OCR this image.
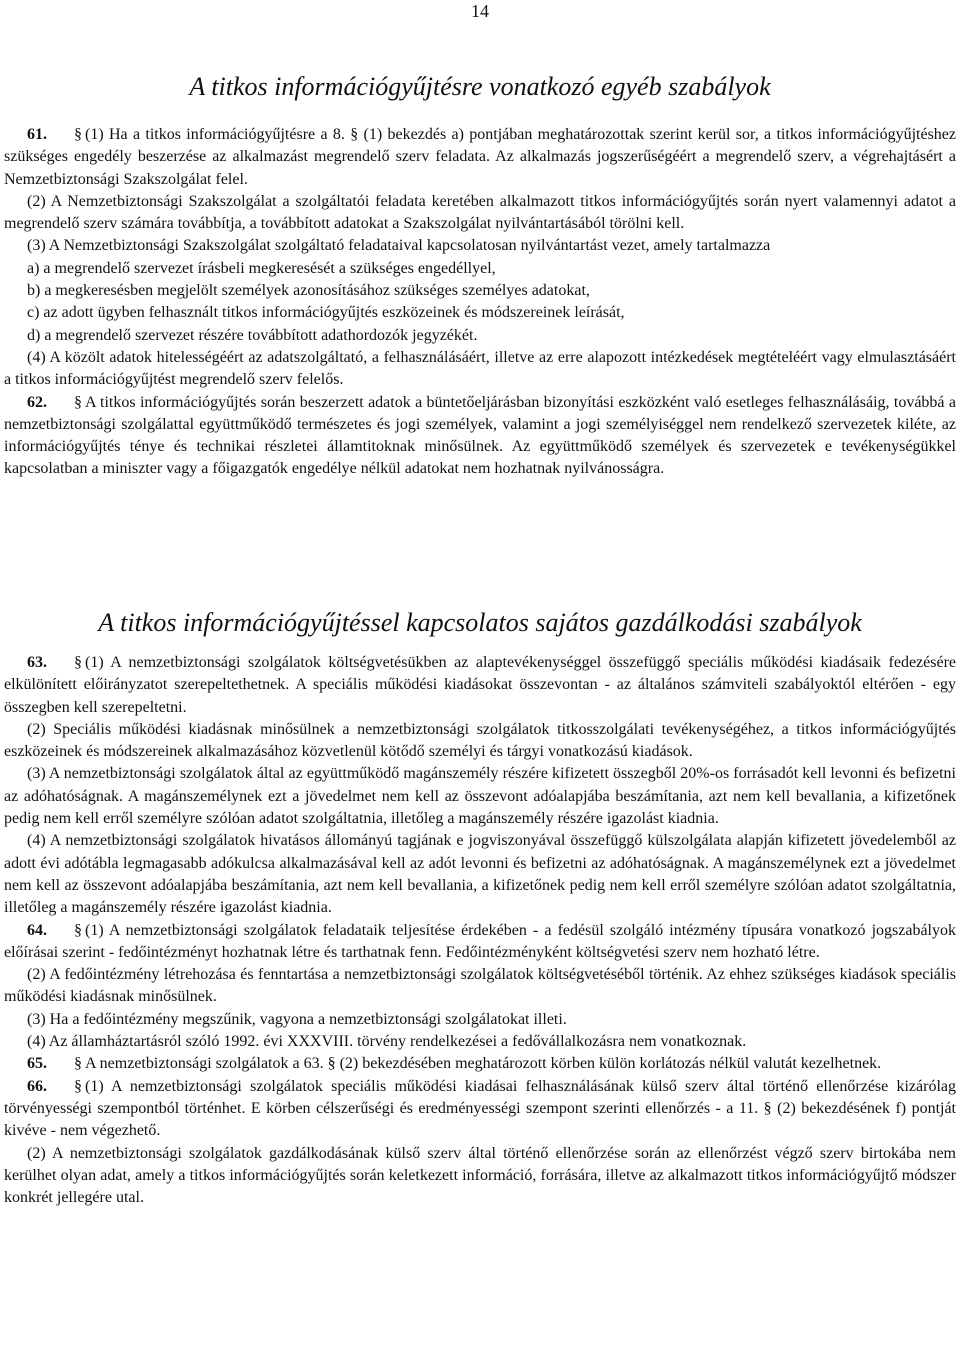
14
A titkos információgyűjtésre vonatkozó egyéb szabályok

61. § (1) Ha a titkos információgyűjtésre a 8. § (1) bekezdés a) pontjában meghatározottak szerint kerül sor, a titkos információgyűjtéshez szükséges engedély beszerzése az alkalmazást megrendelő szerv feladata. Az alkalmazás jogszerűségéért a megrendelő szerv, a végrehajtásért a Nemzetbiztonsági Szakszolgálat felel.

(2) A Nemzetbiztonsági Szakszolgálat a szolgáltatói feladata keretében alkalmazott titkos információgyűjtés során nyert valamennyi adatot a megrendelő szerv számára továbbítja, a továbbított adatokat a Szakszolgálat nyilvántartásából törölni kell.

(3) A Nemzetbiztonsági Szakszolgálat szolgáltató feladataival kapcsolatosan nyilvántartást vezet, amely tartalmazza

a) a megrendelő szervezet írásbeli megkeresését a szükséges engedéllyel,

b) a megkeresésben megjelölt személyek azonosításához szükséges személyes adatokat,

c) az adott ügyben felhasznált titkos információgyűjtés eszközeinek és módszereinek leírását,

d) a megrendelő szervezet részére továbbított adathordozók jegyzékét.

(4) A közölt adatok hitelességéért az adatszolgáltató, a felhasználásáért, illetve az erre alapozott intézkedések megtételéért vagy elmulasztásáért a titkos információgyűjtést megrendelő szerv felelős.

62. § A titkos információgyűjtés során beszerzett adatok a büntetőeljárásban bizonyítási eszközként való esetleges felhasználásáig, továbbá a nemzetbiztonsági szolgálattal együttműködő természetes és jogi személyek, valamint a jogi személyiséggel nem rendelkező szervezetek kiléte, az információgyűjtés ténye és technikai részletei államtitoknak minősülnek. Az együttműködő személyek és szervezetek e tevékenységükkel kapcsolatban a miniszter vagy a főigazgatók engedélye nélkül adatokat nem hozhatnak nyilvánosságra.

A titkos információgyűjtéssel kapcsolatos sajátos gazdálkodási szabályok

63. § (1) A nemzetbiztonsági szolgálatok költségvetésükben az alaptevékenységgel összefüggő speciális működési kiadásaik fedezésére elkülönített előirányzatot szerepeltethetnek. A speciális működési kiadásokat összevontan - az általános számviteli szabályoktól eltérően - egy összegben kell szerepeltetni.

(2) Speciális működési kiadásnak minősülnek a nemzetbiztonsági szolgálatok titkosszolgálati tevékenységéhez, a titkos információgyűjtés eszközeinek és módszereinek alkalmazásához közvetlenül kötődő személyi és tárgyi vonatkozású kiadások.

(3) A nemzetbiztonsági szolgálatok által az együttműködő magánszemély részére kifizetett összegből 20%-os forrásadót kell levonni és befizetni az adóhatóságnak. A magánszemélynek ezt a jövedelmet nem kell az összevont adóalapjába beszámítania, azt nem kell bevallania, a kifizetőnek pedig nem kell erről személyre szólóan adatot szolgáltatnia, illetőleg a magánszemély részére igazolást kiadnia.

(4) A nemzetbiztonsági szolgálatok hivatásos állományú tagjának e jogviszonyával összefüggő külszolgálata alapján kifizetett jövedelemből az adott évi adótábla legmagasabb adókulcsa alkalmazásával kell az adót levonni és befizetni az adóhatóságnak. A magánszemélynek ezt a jövedelmet nem kell az összevont adóalapjába beszámítania, azt nem kell bevallania, a kifizetőnek pedig nem kell erről személyre szólóan adatot szolgáltatnia, illetőleg a magánszemély részére igazolást kiadnia.

64. § (1) A nemzetbiztonsági szolgálatok feladataik teljesítése érdekében - a fedésül szolgáló intézmény típusára vonatkozó jogszabályok előírásai szerint - fedőintézményt hozhatnak létre és tarthatnak fenn. Fedőintézményként költségvetési szerv nem hozható létre.

(2) A fedőintézmény létrehozása és fenntartása a nemzetbiztonsági szolgálatok költségvetéséből történik. Az ehhez szükséges kiadások speciális működési kiadásnak minősülnek.

(3) Ha a fedőintézmény megszűnik, vagyona a nemzetbiztonsági szolgálatokat illeti.

(4) Az államháztartásról szóló 1992. évi XXXVIII. törvény rendelkezései a fedővállalkozásra nem vonatkoznak.

65. § A nemzetbiztonsági szolgálatok a 63. § (2) bekezdésében meghatározott körben külön korlátozás nélkül valutát kezelhetnek.

66. § (1) A nemzetbiztonsági szolgálatok speciális működési kiadásai felhasználásának külső szerv által történő ellenőrzése kizárólag törvényességi szempontból történhet. E körben célszerűségi és eredményességi szempont szerinti ellenőrzés - a 11. § (2) bekezdésének f) pontját kivéve - nem végezhető.

(2) A nemzetbiztonsági szolgálatok gazdálkodásának külső szerv által történő ellenőrzése során az ellenőrzést végző szerv birtokába nem kerülhet olyan adat, amely a titkos információgyűjtés során keletkezett információ, forrására, illetve az alkalmazott titkos információgyűjtő módszer konkrét jellegére utal.
